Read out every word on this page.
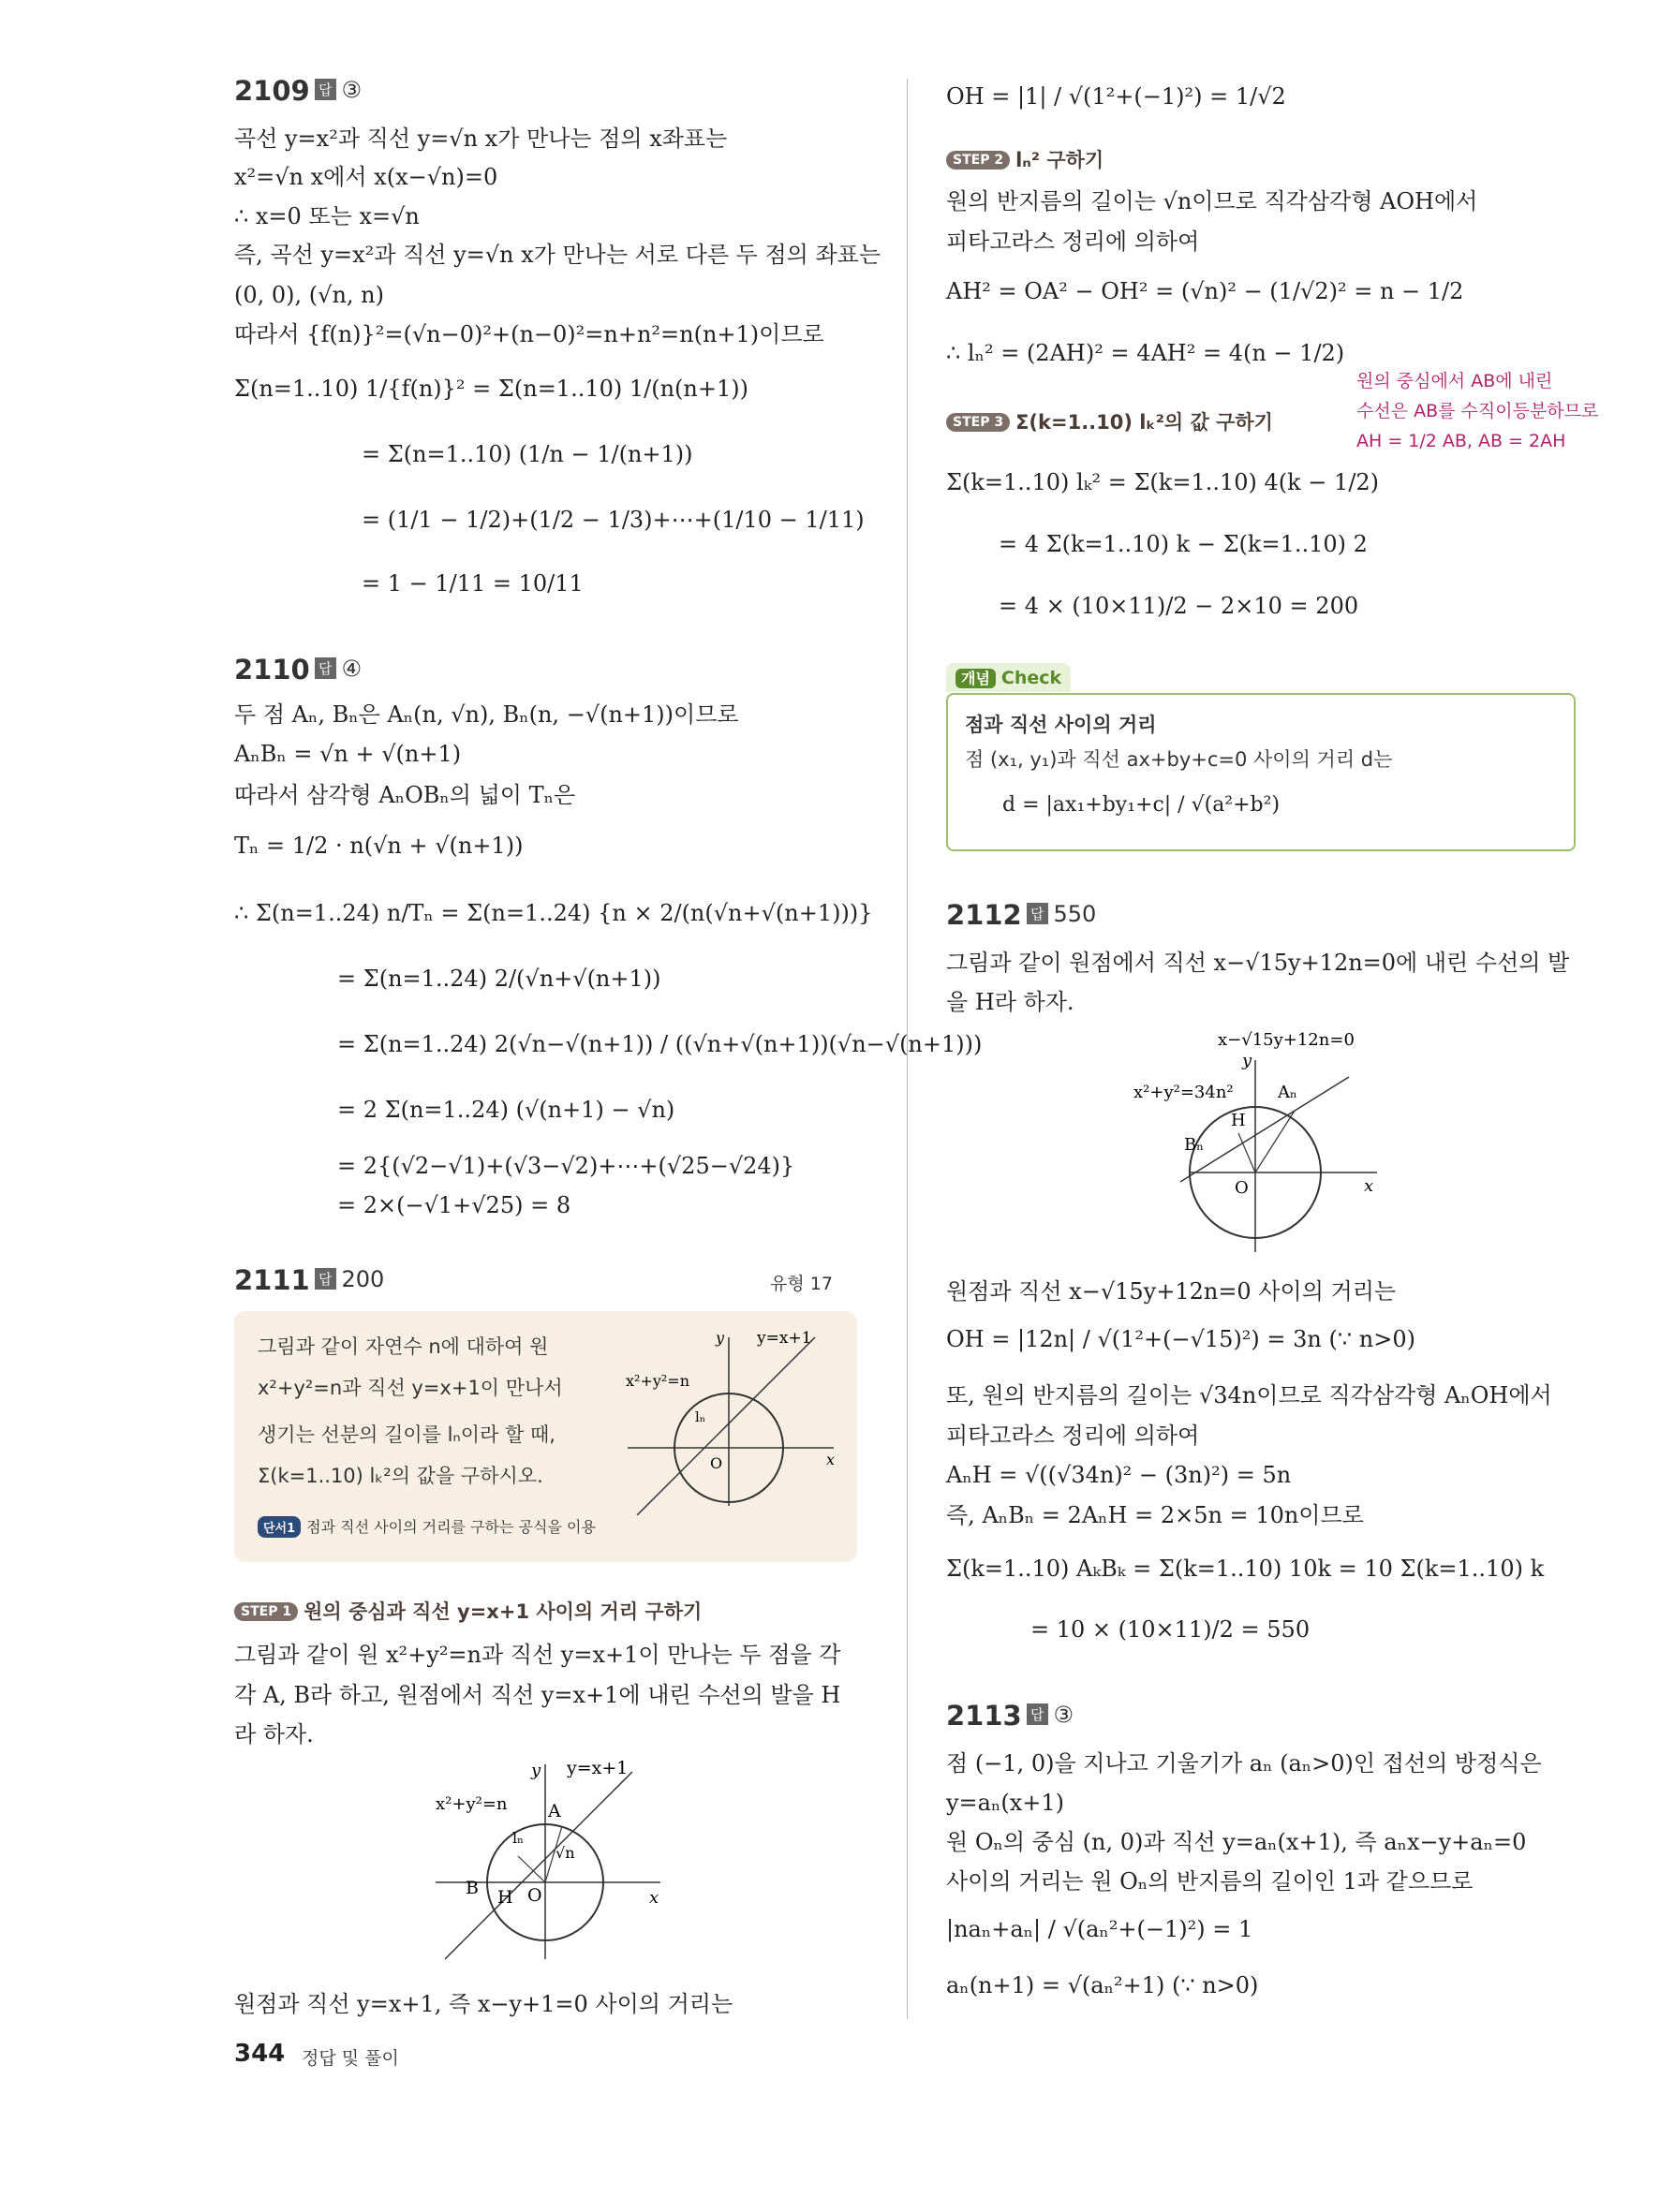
2109 답 ③
곡선 y=x²과 직선 y=√n x가 만나는 점의 x좌표는
x²=√n x에서 x(x−√n)=0
∴ x=0 또는 x=√n
즉, 곡선 y=x²과 직선 y=√n x가 만나는 서로 다른 두 점의 좌표는
(0, 0), (√n, n)
따라서 {f(n)}²=(√n−0)²+(n−0)²=n+n²=n(n+1)이므로
Σ(n=1..10) 1/{f(n)}² = Σ(n=1..10) 1/(n(n+1))
= Σ(n=1..10) (1/n − 1/(n+1))
= (1/1 − 1/2)+(1/2 − 1/3)+⋯+(1/10 − 1/11)
= 1 − 1/11 = 10/11
2110 답 ④
두 점 Aₙ, Bₙ은 Aₙ(n, √n), Bₙ(n, −√(n+1))이므로
AₙBₙ = √n + √(n+1)
따라서 삼각형 AₙOBₙ의 넓이 Tₙ은
Tₙ = 1/2 · n(√n + √(n+1))
∴ Σ(n=1..24) n/Tₙ = Σ(n=1..24) {n × 2/(n(√n+√(n+1)))}
= Σ(n=1..24) 2/(√n+√(n+1))
= Σ(n=1..24) 2(√n−√(n+1)) / ((√n+√(n+1))(√n−√(n+1)))
= 2 Σ(n=1..24) (√(n+1) − √n)
= 2{(√2−√1)+(√3−√2)+⋯+(√25−√24)}
= 2×(−√1+√25) = 8
2111 답 200	유형 17
그림과 같이 자연수 n에 대하여 원
x²+y²=n과 직선 y=x+1이 만나서
생기는 선분의 길이를 lₙ이라 할 때,
Σ(k=1..10) lₖ²의 값을 구하시오.
단서1 점과 직선 사이의 거리를 구하는 공식을 이용
y=x+1
x²+y²=n
lₙ
O	x
y
STEP 1 원의 중심과 직선 y=x+1 사이의 거리 구하기
그림과 같이 원 x²+y²=n과 직선 y=x+1이 만나는 두 점을 각
각 A, B라 하고, 원점에서 직선 y=x+1에 내린 수선의 발을 H
라 하자.
y=x+1
x²+y²=n A
B H O
lₙ
√n
x
y
원점과 직선 y=x+1, 즉 x−y+1=0 사이의 거리는
344 정답 및 풀이
OH = |1| / √(1²+(−1)²) = 1/√2
STEP 2 lₙ² 구하기
원의 반지름의 길이는 √n이므로 직각삼각형 AOH에서
피타고라스 정리에 의하여
AH² = OA² − OH² = (√n)² − (1/√2)² = n − 1/2
∴ lₙ² = (2AH)² = 4AH² = 4(n − 1/2)
원의 중심에서 AB에 내린
수선은 AB를 수직이등분하므로
AH = 1/2 AB, AB = 2AH
STEP 3 Σ(k=1..10) lₖ²의 값 구하기
Σ(k=1..10) lₖ² = Σ(k=1..10) 4(k − 1/2)
= 4 Σ(k=1..10) k − Σ(k=1..10) 2
= 4 × (10×11)/2 − 2×10 = 200
개념 Check
점과 직선 사이의 거리
점 (x₁, y₁)과 직선 ax+by+c=0 사이의 거리 d는
d = |ax₁+by₁+c| / √(a²+b²)
2112 답 550
그림과 같이 원점에서 직선 x−√15y+12n=0에 내린 수선의 발
을 H라 하자.
x−√15y+12n=0
x²+y²=34n²	Aₙ
Bₙ
H
O	x
y
원점과 직선 x−√15y+12n=0 사이의 거리는
OH = |12n| / √(1²+(−√15)²) = 3n (∵ n>0)
또, 원의 반지름의 길이는 √34n이므로 직각삼각형 AₙOH에서
피타고라스 정리에 의하여
AₙH = √((√34n)² − (3n)²) = 5n
즉, AₙBₙ = 2AₙH = 2×5n = 10n이므로
Σ(k=1..10) AₖBₖ = Σ(k=1..10) 10k = 10 Σ(k=1..10) k
= 10 × (10×11)/2 = 550
2113 답 ③
점 (−1, 0)을 지나고 기울기가 aₙ (aₙ>0)인 접선의 방정식은
y=aₙ(x+1)
원 Oₙ의 중심 (n, 0)과 직선 y=aₙ(x+1), 즉 aₙx−y+aₙ=0
사이의 거리는 원 Oₙ의 반지름의 길이인 1과 같으므로
|naₙ+aₙ| / √(aₙ²+(−1)²) = 1
aₙ(n+1) = √(aₙ²+1) (∵ n>0)
